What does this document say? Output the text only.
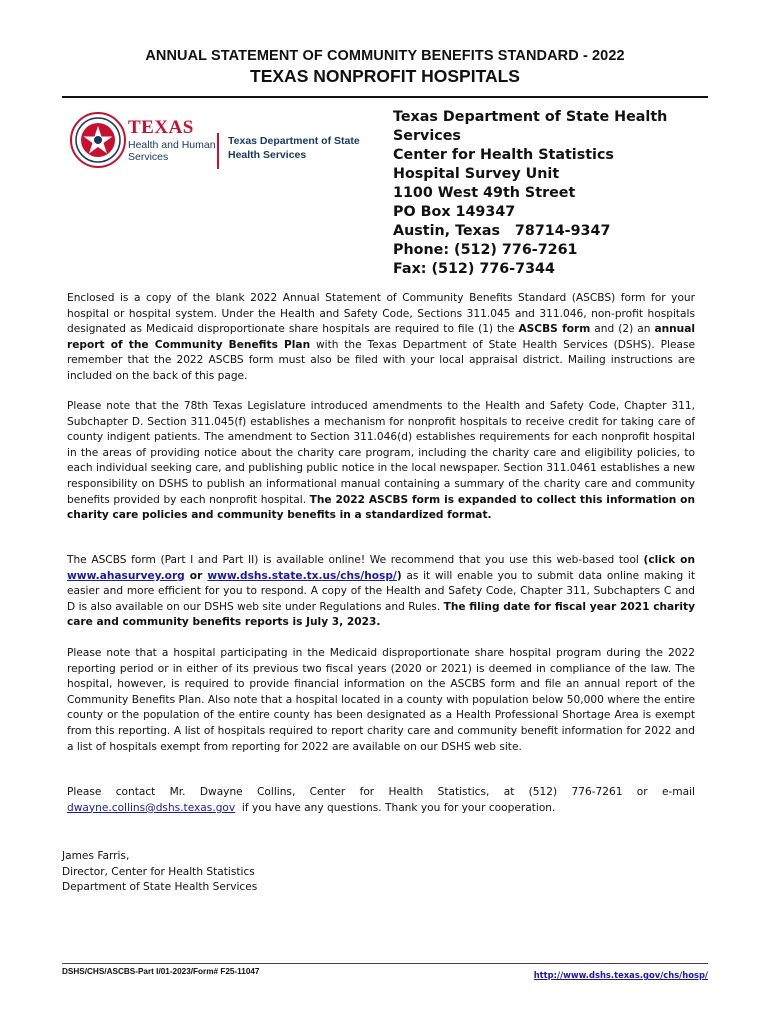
ANNUAL STATEMENT OF COMMUNITY BENEFITS STANDARD - 2022
TEXAS NONPROFIT HOSPITALS
TEXAS
Health and Human
Services
Texas Department of State
Health Services
Texas Department of State Health
Services
Center for Health Statistics
Hospital Survey Unit
1100 West 49th Street
PO Box 149347
Austin, Texas   78714-9347
Phone: (512) 776-7261
Fax: (512) 776-7344

Enclosed is a copy of the blank 2022 Annual Statement of Community Benefits Standard (ASCBS) form for your hospital or hospital system. Under the Health and Safety Code, Sections 311.045 and 311.046, non-profit hospitals designated as Medicaid disproportionate share hospitals are required to file (1) the ASCBS form and (2) an annual report of the Community Benefits Plan with the Texas Department of State Health Services (DSHS). Please remember that the 2022 ASCBS form must also be filed with your local appraisal district. Mailing instructions are included on the back of this page.

Please note that the 78th Texas Legislature introduced amendments to the Health and Safety Code, Chapter 311, Subchapter D. Section 311.045(f) establishes a mechanism for nonprofit hospitals to receive credit for taking care of county indigent patients. The amendment to Section 311.046(d) establishes requirements for each nonprofit hospital in the areas of providing notice about the charity care program, including the charity care and eligibility policies, to each individual seeking care, and publishing public notice in the local newspaper. Section 311.0461 establishes a new responsibility on DSHS to publish an informational manual containing a summary of the charity care and community benefits provided by each nonprofit hospital. The 2022 ASCBS form is expanded to collect this information on charity care policies and community benefits in a standardized format.

The ASCBS form (Part I and Part II) is available online! We recommend that you use this web-based tool (click on www.ahasurvey.org or www.dshs.state.tx.us/chs/hosp/) as it will enable you to submit data online making it easier and more efficient for you to respond. A copy of the Health and Safety Code, Chapter 311, Subchapters C and D is also available on our DSHS web site under Regulations and Rules. The filing date for fiscal year 2021 charity care and community benefits reports is July 3, 2023.

Please note that a hospital participating in the Medicaid disproportionate share hospital program during the 2022 reporting period or in either of its previous two fiscal years (2020 or 2021) is deemed in compliance of the law. The hospital, however, is required to provide financial information on the ASCBS form and file an annual report of the Community Benefits Plan. Also note that a hospital located in a county with population below 50,000 where the entire county or the population of the entire county has been designated as a Health Professional Shortage Area is exempt from this reporting. A list of hospitals required to report charity care and community benefit information for 2022 and a list of hospitals exempt from reporting for 2022 are available on our DSHS web site.

Please contact Mr. Dwayne Collins, Center for Health Statistics, at (512) 776-7261 or e-mail dwayne.collins@dshs.texas.gov  if you have any questions. Thank you for your cooperation.

James Farris,
Director, Center for Health Statistics
Department of State Health Services
DSHS/CHS/ASCBS-Part I/01-2023/Form# F25-11047	http://www.dshs.texas.gov/chs/hosp/
